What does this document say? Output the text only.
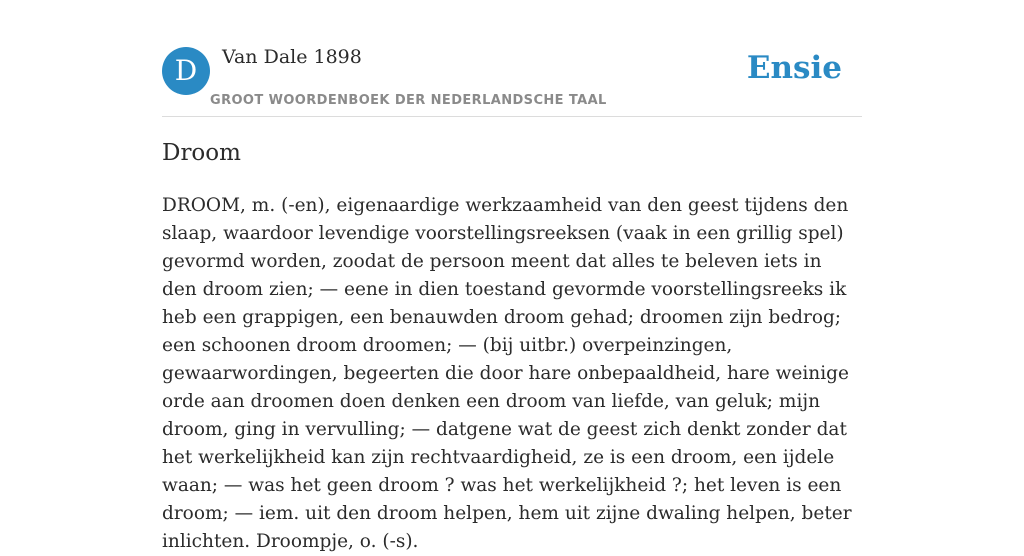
D	Van Dale 1898
GROOT WOORDENBOEK DER NEDERLANDSCHE TAAL
Ensie
Droom

DROOM, m. (-en), eigenaardige werkzaamheid van den geest tijdens den slaap, waardoor levendige voorstellingsreeksen (vaak in een grillig spel) gevormd worden, zoodat de persoon meent dat alles te beleven iets in den droom zien; — eene in dien toestand gevormde voorstellingsreeks ik heb een grappigen, een benauwden droom gehad; droomen zijn bedrog; een schoonen droom droomen; — (bij uitbr.) overpeinzingen, gewaarwordingen, begeerten die door hare onbepaaldheid, hare weinige orde aan droomen doen denken een droom van liefde, van geluk; mijn droom, ging in vervulling; — datgene wat de geest zich denkt zonder dat het werkelijkheid kan zijn rechtvaardigheid, ze is een droom, een ijdele waan; — was het geen droom ? was het werkelijkheid ?; het leven is een droom; — iem. uit den droom helpen, hem uit zijne dwaling helpen, beter inlichten. Droompje, o. (-s).
